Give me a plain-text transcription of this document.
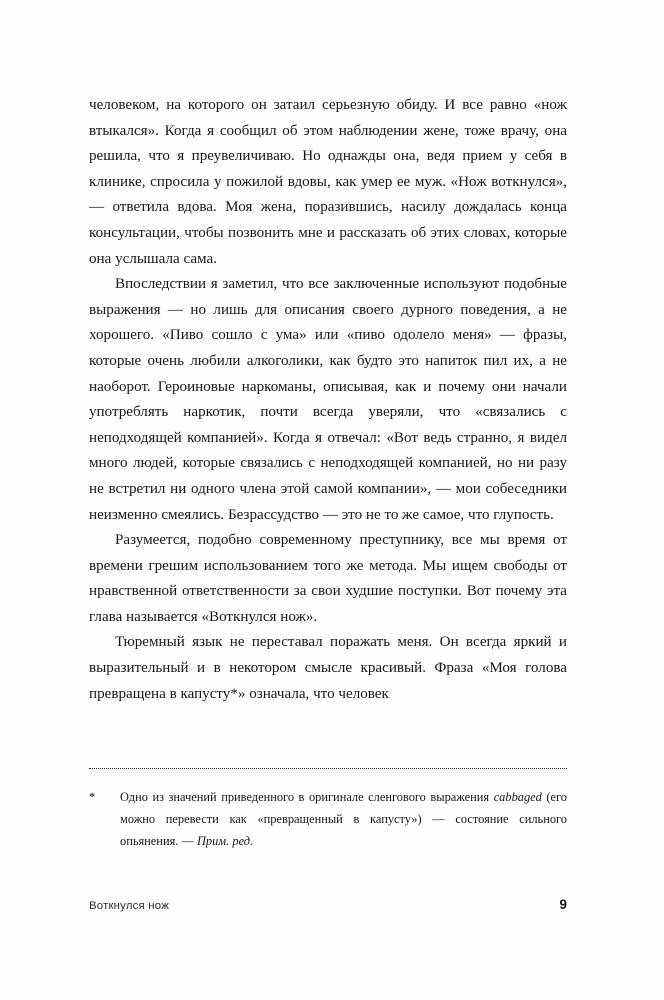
человеком, на которого он затаил серьезную обиду. И все равно «нож втыкался». Когда я сообщил об этом наблюдении жене, тоже врачу, она решила, что я преувеличиваю. Но однажды она, ведя прием у себя в клинике, спросила у пожилой вдовы, как умер ее муж. «Нож воткнулся», — ответила вдова. Моя жена, поразившись, насилу дождалась конца консультации, чтобы позвонить мне и рассказать об этих словах, которые она услышала сама.

Впоследствии я заметил, что все заключенные используют подобные выражения — но лишь для описания своего дурного поведения, а не хорошего. «Пиво сошло с ума» или «пиво одолело меня» — фразы, которые очень любили алкоголики, как будто это напиток пил их, а не наоборот. Героиновые наркоманы, описывая, как и почему они начали употреблять наркотик, почти всегда уверяли, что «связались с неподходящей компанией». Когда я отвечал: «Вот ведь странно, я видел много людей, которые связались с неподходящей компанией, но ни разу не встретил ни одного члена этой самой компании», — мои собеседники неизменно смеялись. Безрассудство — это не то же самое, что глупость.

Разумеется, подобно современному преступнику, все мы время от времени грешим использованием того же метода. Мы ищем свободы от нравственной ответственности за свои худшие поступки. Вот почему эта глава называется «Воткнулся нож».

Тюремный язык не переставал поражать меня. Он всегда яркий и выразительный и в некотором смысле красивый. Фраза «Моя голова превращена в капусту*» означала, что человек

*	Одно из значений приведенного в оригинале сленгового выражения cabbaged (его можно перевести как «превращенный в капусту») — состояние сильного опьянения. — Прим. ред.
Воткнулся нож	9
